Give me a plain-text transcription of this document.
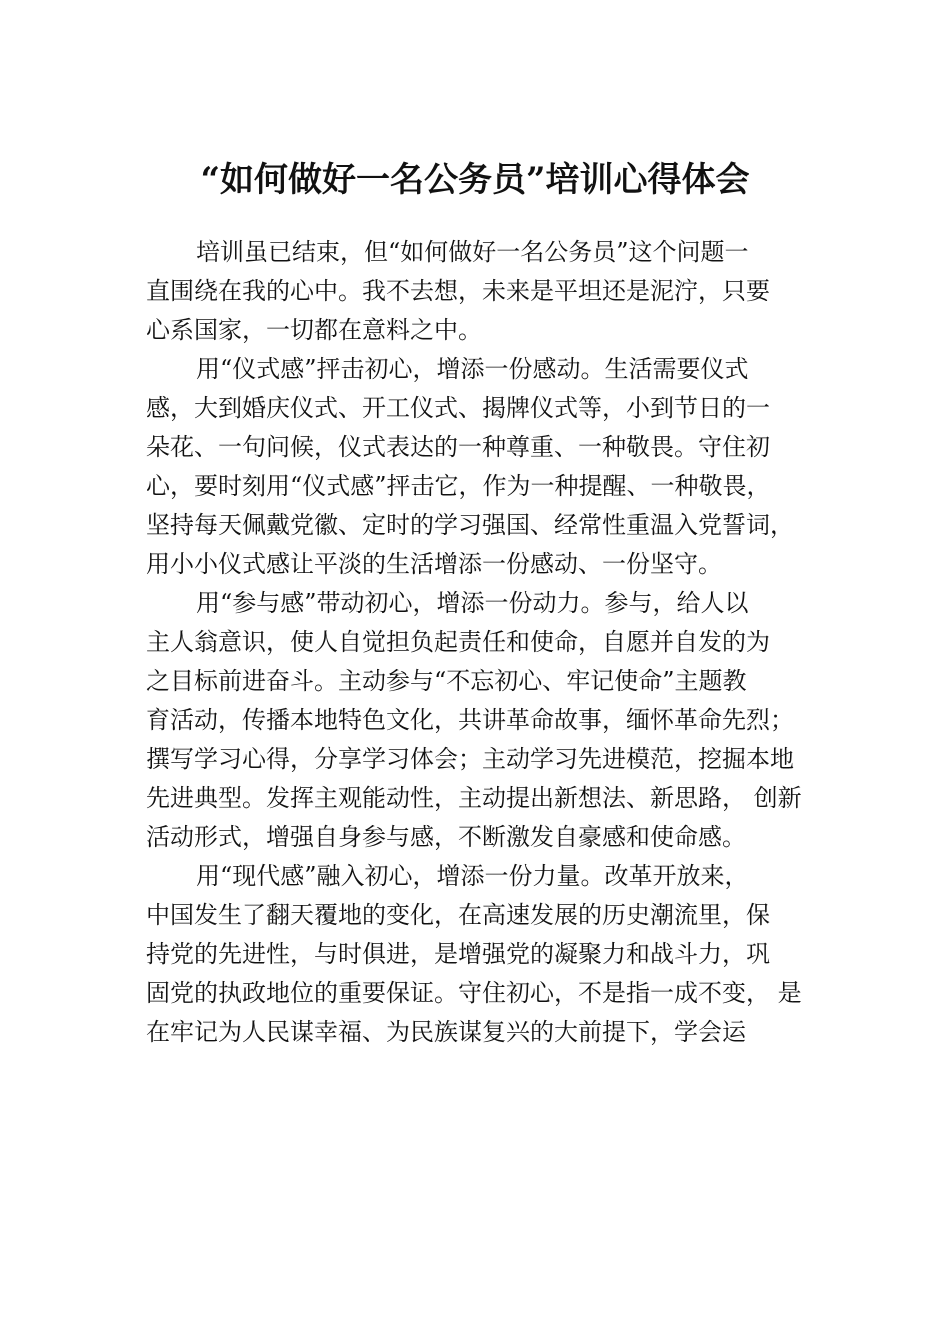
“如何做好一名公务员”培训心得体会

培训虽已结束，但“如何做好一名公务员”这个问题一

直围绕在我的心中。我不去想，未来是平坦还是泥泞，只要

心系国家，一切都在意料之中。

用“仪式感”抨击初心，增添一份感动。生活需要仪式

感，大到婚庆仪式、开工仪式、揭牌仪式等，小到节日的一

朵花、一句问候，仪式表达的一种尊重、一种敬畏。守住初

心，要时刻用“仪式感”抨击它，作为一种提醒、一种敬畏，

坚持每天佩戴党徽、定时的学习强国、经常性重温入党誓词，

用小小仪式感让平淡的生活增添一份感动、一份坚守。

用“参与感”带动初心，增添一份动力。参与，给人以

主人翁意识，使人自觉担负起责任和使命，自愿并自发的为

之目标前进奋斗。主动参与“不忘初心、牢记使命”主题教

育活动，传播本地特色文化，共讲革命故事，缅怀革命先烈；

撰写学习心得，分享学习体会；主动学习先进模范，挖掘本地

先进典型。发挥主观能动性，主动提出新想法、新思路， 创新

活动形式，增强自身参与感，不断激发自豪感和使命感。

用“现代感”融入初心，增添一份力量。改革开放来，

中国发生了翻天覆地的变化，在高速发展的历史潮流里，保

持党的先进性，与时俱进，是增强党的凝聚力和战斗力，巩

固党的执政地位的重要保证。守住初心，不是指一成不变， 是

在牢记为人民谋幸福、为民族谋复兴的大前提下，学会运
